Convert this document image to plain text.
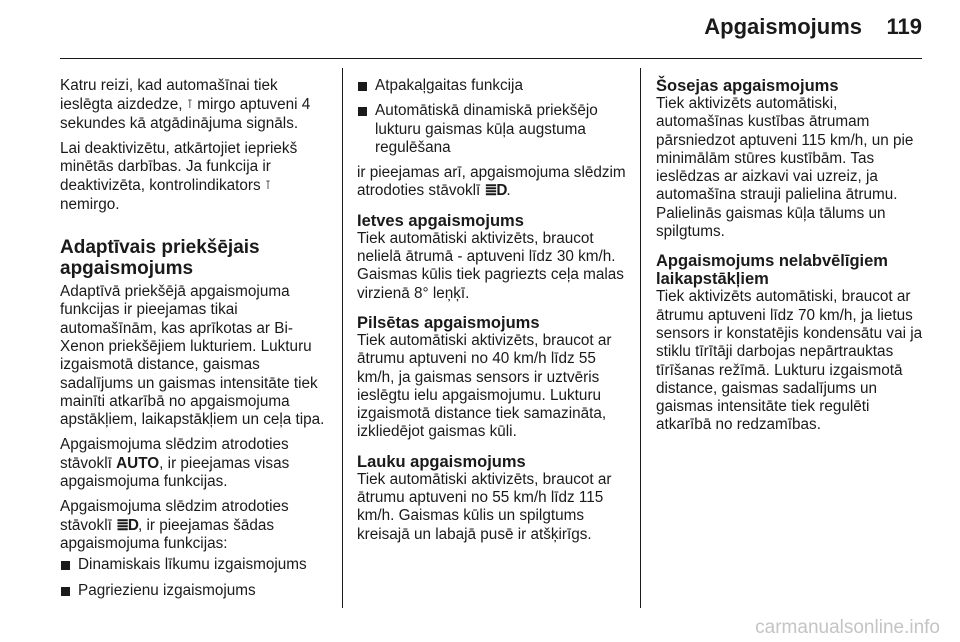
Apgaismojums 119

Katru reizi, kad automašīnai tiek ieslēgta aizdedze, ⊺ mirgo aptuveni 4 sekundes kā atgādinājuma signāls.

Lai deaktivizētu, atkārtojiet iepriekš minētās darbības. Ja funkcija ir deaktivizēta, kontrolindikators ⊺ nemirgo.

Adaptīvais priekšējais apgaismojums

Adaptīvā priekšējā apgaismojuma funkcijas ir pieejamas tikai automašīnām, kas aprīkotas ar Bi-Xenon priekšējiem lukturiem. Lukturu izgaismotā distance, gaismas sadalījums un gaismas intensitāte tiek mainīti atkarībā no apgaismojuma apstākļiem, laikapstākļiem un ceļa tipa.

Apgaismojuma slēdzim atrodoties stāvoklī AUTO, ir pieejamas visas apgaismojuma funkcijas.

Apgaismojuma slēdzim atrodoties stāvoklī ≣D, ir pieejamas šādas apgaismojuma funkcijas:

Dinamiskais līkumu izgaismojums
Pagriezienu izgaismojums
Atpakaļgaitas funkcija
Automātiskā dinamiskā priekšējo lukturu gaismas kūļa augstuma regulēšana

ir pieejamas arī, apgaismojuma slēdzim atrodoties stāvoklī ≣D.

Ietves apgaismojums

Tiek automātiski aktivizēts, braucot nelielā ātrumā - aptuveni līdz 30 km/h. Gaismas kūlis tiek pagriezts ceļa malas virzienā 8° leņķī.

Pilsētas apgaismojums

Tiek automātiski aktivizēts, braucot ar ātrumu aptuveni no 40 km/h līdz 55 km/h, ja gaismas sensors ir uztvēris ieslēgtu ielu apgaismojumu. Lukturu izgaismotā distance tiek samazināta, izkliedējot gaismas kūli.

Lauku apgaismojums

Tiek automātiski aktivizēts, braucot ar ātrumu aptuveni no 55 km/h līdz 115 km/h. Gaismas kūlis un spilgtums kreisajā un labajā pusē ir atšķirīgs.

Šosejas apgaismojums

Tiek aktivizēts automātiski, automašīnas kustības ātrumam pārsniedzot aptuveni 115 km/h, un pie minimālām stūres kustībām. Tas ieslēdzas ar aizkavi vai uzreiz, ja automašīna strauji palielina ātrumu. Palielinās gaismas kūļa tālums un spilgtums.

Apgaismojums nelabvēlīgiem laikapstākļiem

Tiek aktivizēts automātiski, braucot ar ātrumu aptuveni līdz 70 km/h, ja lietus sensors ir konstatējis kondensātu vai ja stiklu tīrītāji darbojas nepārtrauktas tīrīšanas režīmā. Lukturu izgaismotā distance, gaismas sadalījums un gaismas intensitāte tiek regulēti atkarībā no redzamības.

carmanualsonline.info
